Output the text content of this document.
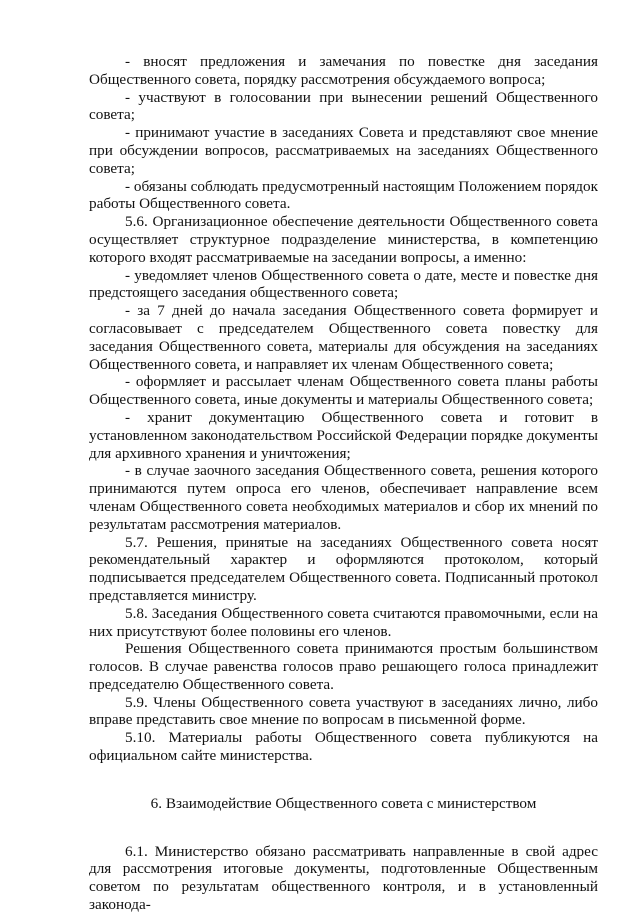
- вносят предложения и замечания по повестке дня заседания Общественного совета, порядку рассмотрения обсуждаемого вопроса;

- участвуют в голосовании при вынесении решений Общественного совета;

- принимают участие в заседаниях Совета и представляют свое мнение при обсуждении вопросов, рассматриваемых на заседаниях Общественного совета;

- обязаны соблюдать предусмотренный настоящим Положением порядок работы Общественного совета.

5.6. Организационное обеспечение деятельности Общественного совета осуществляет структурное подразделение министерства, в компетенцию которого входят рассматриваемые на заседании вопросы, а именно:

- уведомляет членов Общественного совета о дате, месте и повестке дня предстоящего заседания общественного совета;

- за 7 дней до начала заседания Общественного совета формирует и согласовывает с председателем Общественного совета повестку для заседания Общественного совета, материалы для обсуждения на заседаниях Общественного совета, и направляет их членам Общественного совета;

- оформляет и рассылает членам Общественного совета планы работы Общественного совета, иные документы и материалы Общественного совета;

- хранит документацию Общественного совета и готовит в установленном законодательством Российской Федерации порядке документы для архивного хранения и уничтожения;

- в случае заочного заседания Общественного совета, решения которого принимаются путем опроса его членов, обеспечивает направление всем членам Общественного совета необходимых материалов и сбор их мнений по результатам рассмотрения материалов.

5.7. Решения, принятые на заседаниях Общественного совета носят рекомендательный характер и оформляются протоколом, который подписывается председателем Общественного совета. Подписанный протокол представляется министру.

5.8. Заседания Общественного совета считаются правомочными, если на них присутствуют более половины его членов.

Решения Общественного совета принимаются простым большинством голосов. В случае равенства голосов право решающего голоса принадлежит председателю Общественного совета.

5.9. Члены Общественного совета участвуют в заседаниях лично, либо вправе представить свое мнение по вопросам в письменной форме.

5.10. Материалы работы Общественного совета публикуются на официальном сайте министерства.

6. Взаимодействие Общественного совета с министерством

6.1. Министерство обязано рассматривать направленные в свой адрес для рассмотрения итоговые документы, подготовленные Общественным советом по результатам общественного контроля, и в установленный законода-
